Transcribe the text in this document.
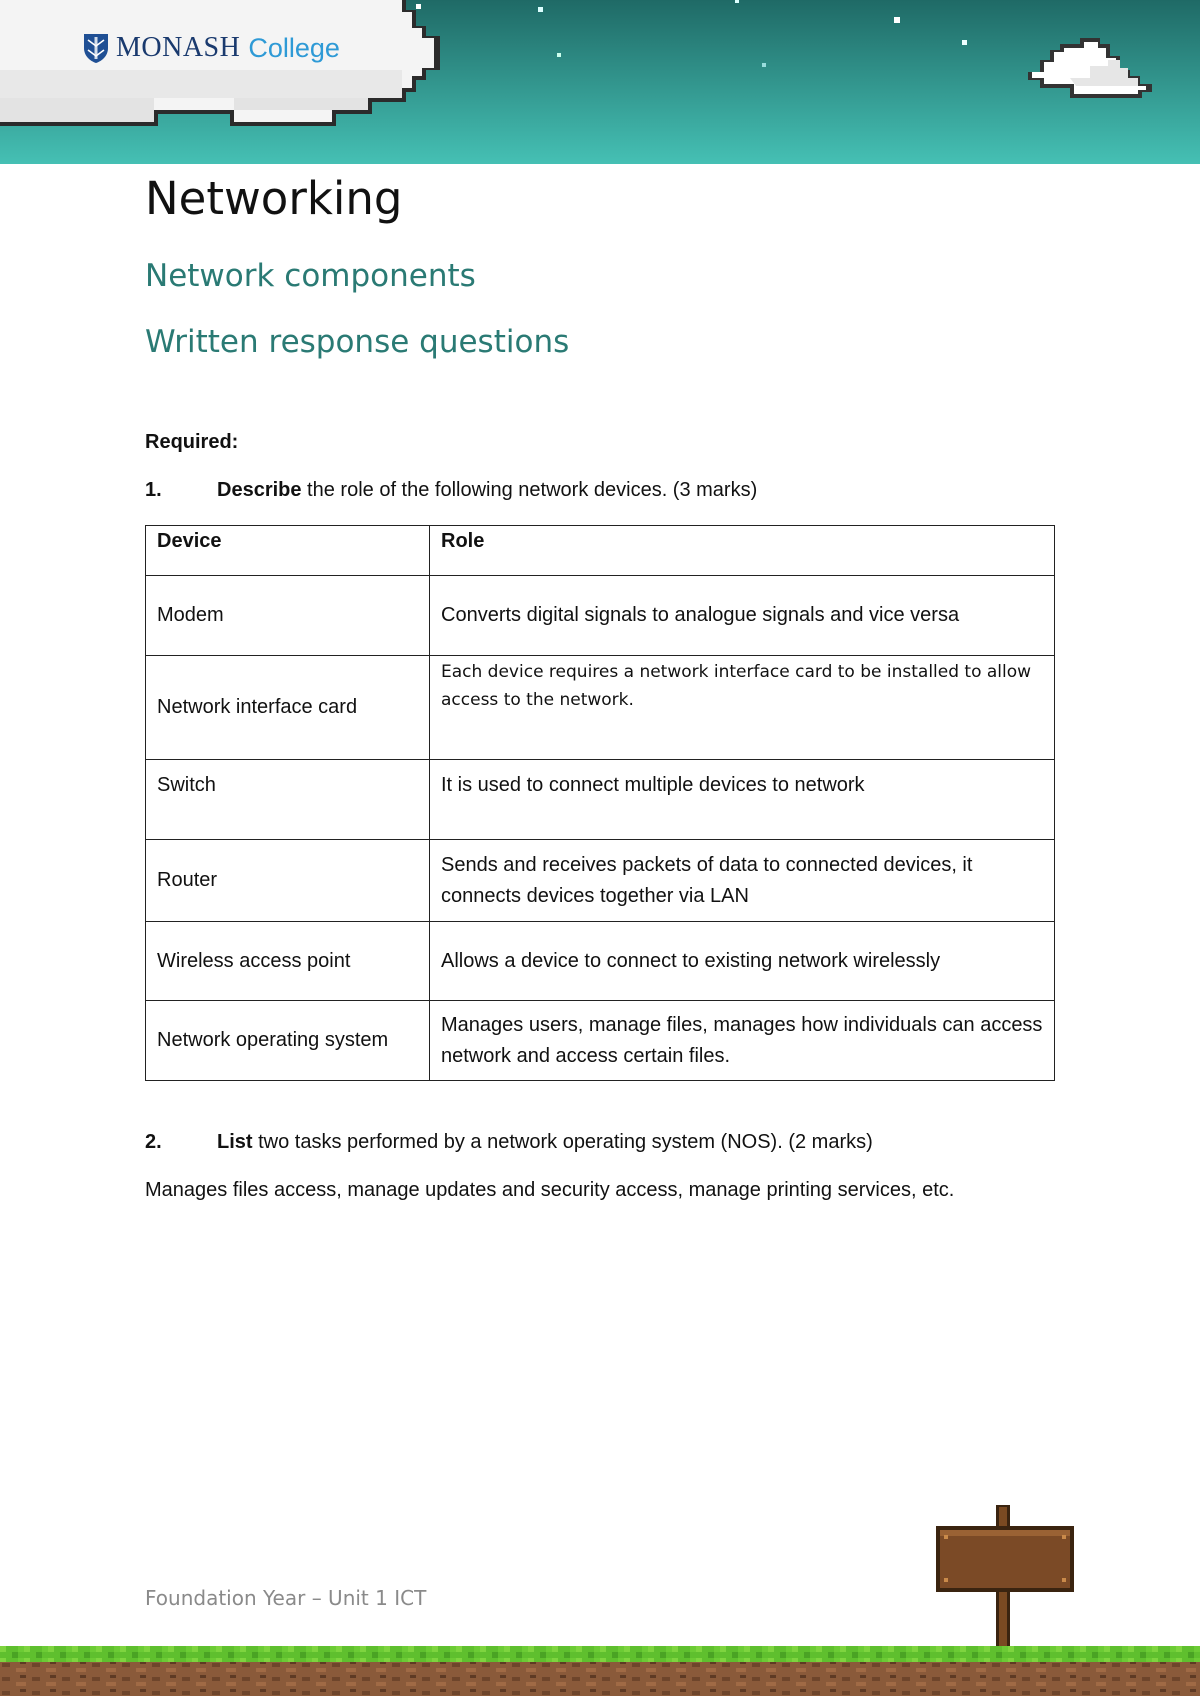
MONASH College
Networking
Network components
Written response questions
Required:
1.	Describe the role of the following network devices. (3 marks)
Device	Role
Modem	Converts digital signals to analogue signals and vice versa
Network interface card	Each device requires a network interface card to be installed to allow access to the network.
Switch	It is used to connect multiple devices to network
Router	Sends and receives packets of data to connected devices, it connects devices together via LAN
Wireless access point	Allows a device to connect to existing network wirelessly
Network operating system	Manages users, manage files, manages how individuals can access network and access certain files.
2.	List two tasks performed by a network operating system (NOS). (2 marks)
Manages files access, manage updates and security access, manage printing services, etc.
Foundation Year – Unit 1 ICT
